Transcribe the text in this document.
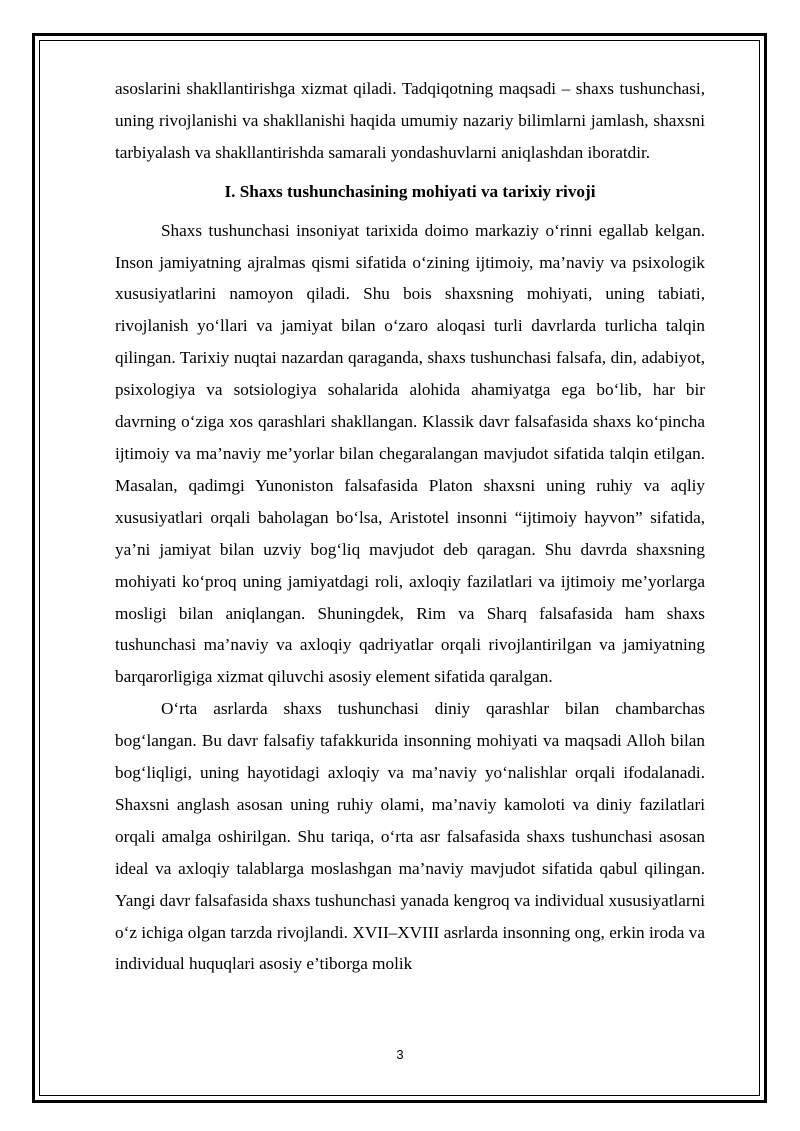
asoslarini shakllantirishga xizmat qiladi. Tadqiqotning maqsadi – shaxs tushunchasi, uning rivojlanishi va shakllanishi haqida umumiy nazariy bilimlarni jamlash, shaxsni tarbiyalash va shakllantirishda samarali yondashuvlarni aniqlashdan iboratdir.

I. Shaxs tushunchasining mohiyati va tarixiy rivoji

Shaxs tushunchasi insoniyat tarixida doimo markaziy o‘rinni egallab kelgan. Inson jamiyatning ajralmas qismi sifatida o‘zining ijtimoiy, ma’naviy va psixologik xususiyatlarini namoyon qiladi. Shu bois shaxsning mohiyati, uning tabiati, rivojlanish yo‘llari va jamiyat bilan o‘zaro aloqasi turli davrlarda turlicha talqin qilingan. Tarixiy nuqtai nazardan qaraganda, shaxs tushunchasi falsafa, din, adabiyot, psixologiya va sotsiologiya sohalarida alohida ahamiyatga ega bo‘lib, har bir davrning o‘ziga xos qarashlari shakllangan. Klassik davr falsafasida shaxs ko‘pincha ijtimoiy va ma’naviy me’yorlar bilan chegaralangan mavjudot sifatida talqin etilgan. Masalan, qadimgi Yunoniston falsafasida Platon shaxsni uning ruhiy va aqliy xususiyatlari orqali baholagan bo‘lsa, Aristotel insonni “ijtimoiy hayvon” sifatida, ya’ni jamiyat bilan uzviy bog‘liq mavjudot deb qaragan. Shu davrda shaxsning mohiyati ko‘proq uning jamiyatdagi roli, axloqiy fazilatlari va ijtimoiy me’yorlarga mosligi bilan aniqlangan. Shuningdek, Rim va Sharq falsafasida ham shaxs tushunchasi ma’naviy va axloqiy qadriyatlar orqali rivojlantirilgan va jamiyatning barqarorligiga xizmat qiluvchi asosiy element sifatida qaralgan.

O‘rta asrlarda shaxs tushunchasi diniy qarashlar bilan chambarchas bog‘langan. Bu davr falsafiy tafakkurida insonning mohiyati va maqsadi Alloh bilan bog‘liqligi, uning hayotidagi axloqiy va ma’naviy yo‘nalishlar orqali ifodalanadi. Shaxsni anglash asosan uning ruhiy olami, ma’naviy kamoloti va diniy fazilatlari orqali amalga oshirilgan. Shu tariqa, o‘rta asr falsafasida shaxs tushunchasi asosan ideal va axloqiy talablarga moslashgan ma’naviy mavjudot sifatida qabul qilingan. Yangi davr falsafasida shaxs tushunchasi yanada kengroq va individual xususiyatlarni o‘z ichiga olgan tarzda rivojlandi. XVII–XVIII asrlarda insonning ong, erkin iroda va individual huquqlari asosiy e’tiborga molik

3
